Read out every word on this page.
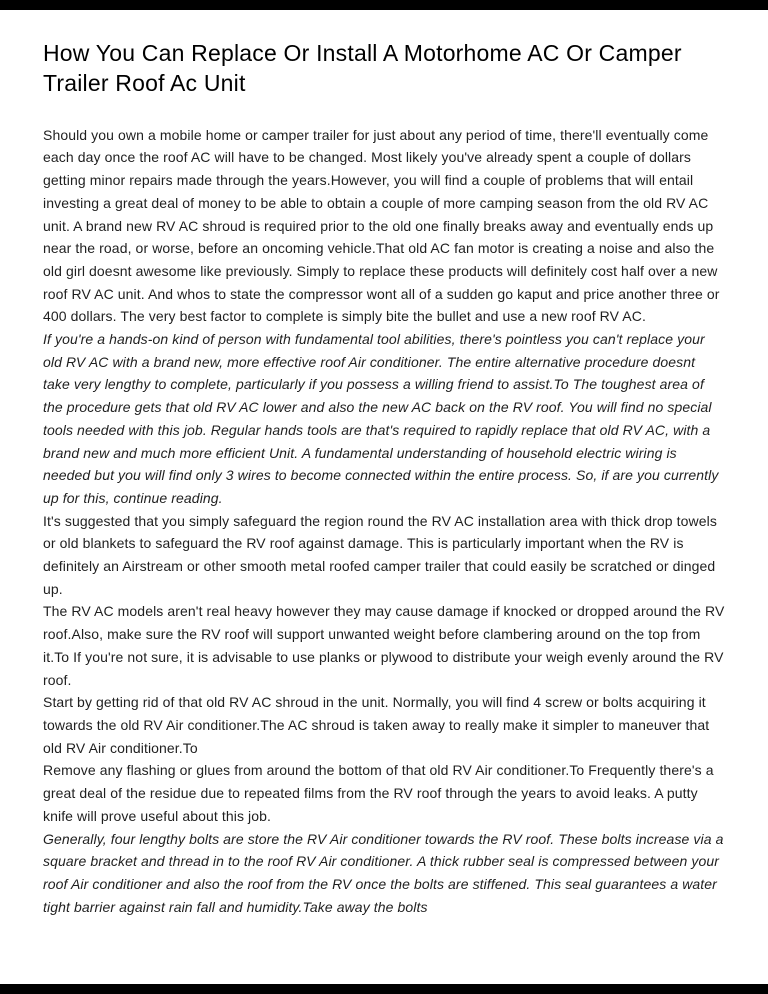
How You Can Replace Or Install A Motorhome AC Or Camper Trailer Roof Ac Unit

Should you own a mobile home or camper trailer for just about any period of time, there'll eventually come each day once the roof AC will have to be changed. Most likely you've already spent a couple of dollars getting minor repairs made through the years.However, you will find a couple of problems that will entail investing a great deal of money to be able to obtain a couple of more camping season from the old RV AC unit. A brand new RV AC shroud is required prior to the old one finally breaks away and eventually ends up near the road, or worse, before an oncoming vehicle.That old AC fan motor is creating a noise and also the old girl doesnt awesome like previously. Simply to replace these products will definitely cost half over a new roof RV AC unit. And whos to state the compressor wont all of a sudden go kaput and price another three or 400 dollars. The very best factor to complete is simply bite the bullet and use a new roof RV AC.

If you're a hands-on kind of person with fundamental tool abilities, there's pointless you can't replace your old RV AC with a brand new, more effective roof Air conditioner. The entire alternative procedure doesnt take very lengthy to complete, particularly if you possess a willing friend to assist.To The toughest area of the procedure gets that old RV AC lower and also the new AC back on the RV roof. You will find no special tools needed with this job. Regular hands tools are that's required to rapidly replace that old RV AC, with a brand new and much more efficient Unit. A fundamental understanding of household electric wiring is needed but you will find only 3 wires to become connected within the entire process. So, if are you currently up for this, continue reading.

It's suggested that you simply safeguard the region round the RV AC installation area with thick drop towels or old blankets to safeguard the RV roof against damage. This is particularly important when the RV is definitely an Airstream or other smooth metal roofed camper trailer that could easily be scratched or dinged up.

The RV AC models aren't real heavy however they may cause damage if knocked or dropped around the RV roof.Also, make sure the RV roof will support unwanted weight before clambering around on the top from it.To If you're not sure, it is advisable to use planks or plywood to distribute your weigh evenly around the RV roof.

Start by getting rid of that old RV AC shroud in the unit. Normally, you will find 4 screw or bolts acquiring it towards the old RV Air conditioner.The AC shroud is taken away to really make it simpler to maneuver that old RV Air conditioner.To

Remove any flashing or glues from around the bottom of that old RV Air conditioner.To Frequently there's a great deal of the residue due to repeated films from the RV roof through the years to avoid leaks. A putty knife will prove useful about this job.

Generally, four lengthy bolts are store the RV Air conditioner towards the RV roof. These bolts increase via a square bracket and thread in to the roof RV Air conditioner. A thick rubber seal is compressed between your roof Air conditioner and also the roof from the RV once the bolts are stiffened. This seal guarantees a water tight barrier against rain fall and humidity.Take away the bolts
